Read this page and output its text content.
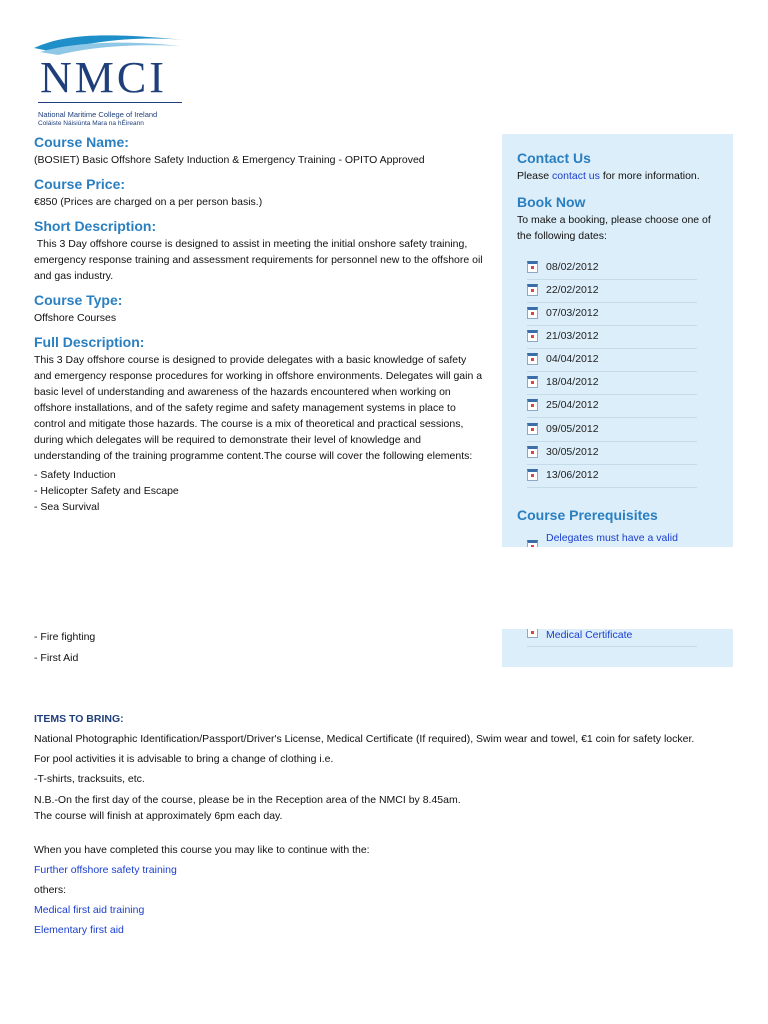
NMCI
National Maritime College of Ireland
Coláiste Náisiúnta Mara na hÉireann
Course Name:

(BOSIET) Basic Offshore Safety Induction & Emergency Training - OPITO Approved

Course Price:

€850 (Prices are charged on a per person basis.)

Short Description:

This 3 Day offshore course is designed to assist in meeting the initial onshore safety training,

emergency response training and assessment requirements for personnel new to the offshore oil

and gas industry.

Course Type:

Offshore Courses

Full Description:

This 3 Day offshore course is designed to provide delegates with a basic knowledge of safety

and emergency response procedures for working in offshore environments. Delegates will gain a

basic level of understanding and awareness of the hazards encountered when working on

offshore installations, and of the safety regime and safety management systems in place to

control and mitigate those hazards. The course is a mix of theoretical and practical sessions,

during which delegates will be required to demonstrate their level of knowledge and

understanding of the training programme content.The course will cover the following elements:

- Safety Induction

- Helicopter Safety and Escape

- Sea Survival

- Fire fighting

- First Aid

Contact Us

Please contact us for more information.

Book Now

To make a booking, please choose one of

the following dates:

08/02/2012
22/02/2012
07/03/2012
21/03/2012
04/04/2012
18/04/2012
25/04/2012
09/05/2012
30/05/2012
13/06/2012
Course Prerequisites
Delegates must have a valid
Medical Certificate

ITEMS TO BRING:

National Photographic Identification/Passport/Driver's License, Medical Certificate (If required), Swim wear and towel, €1 coin for safety locker.

For pool activities it is advisable to bring a change of clothing i.e.

-T-shirts, tracksuits, etc.

N.B.-On the first day of the course, please be in the Reception area of the NMCI by 8.45am.

The course will finish at approximately 6pm each day.

When you have completed this course you may like to continue with the:

Further offshore safety training

others:

Medical first aid training

Elementary first aid
